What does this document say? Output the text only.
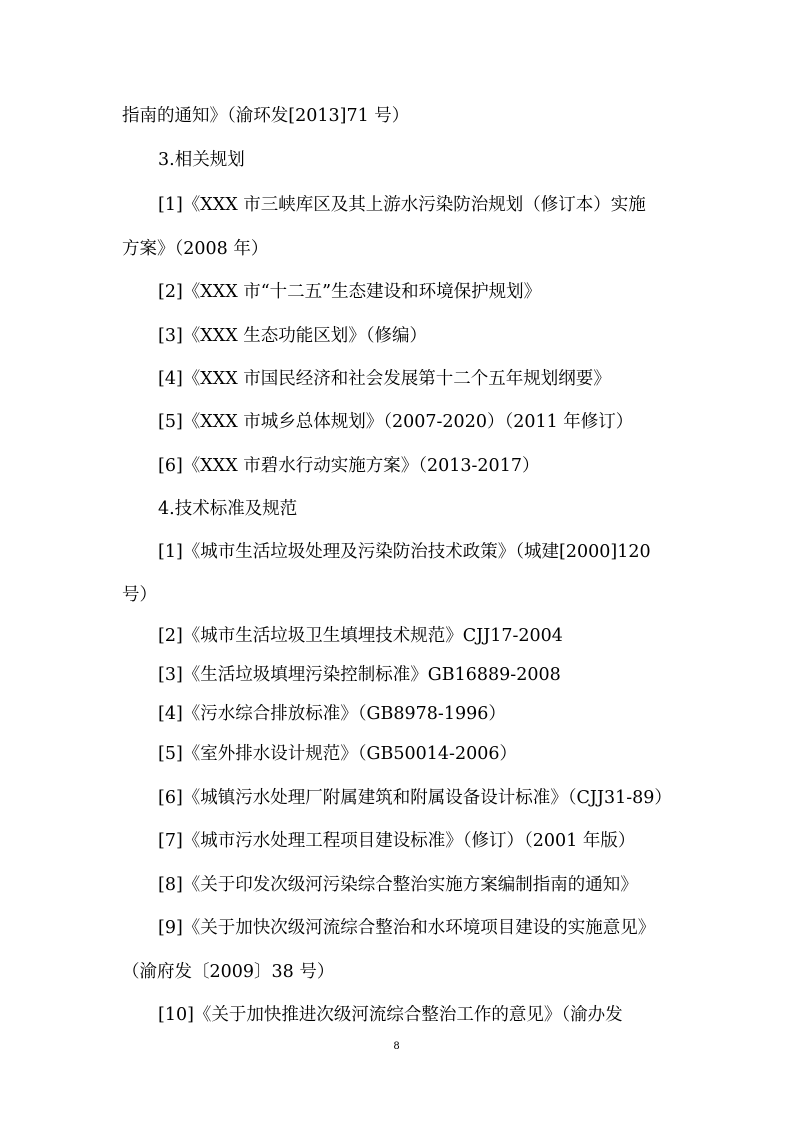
指南的通知》（渝环发[2013]71 号）

3.相关规划

[1]《XXX 市三峡库区及其上游水污染防治规划（修订本）实施

方案》（2008 年）

[2]《XXX 市“十二五”生态建设和环境保护规划》

[3]《XXX 生态功能区划》（修编）

[4]《XXX 市国民经济和社会发展第十二个五年规划纲要》

[5]《XXX 市城乡总体规划》（2007-2020）（2011 年修订）

[6]《XXX 市碧水行动实施方案》（2013-2017）

4.技术标准及规范

[1]《城市生活垃圾处理及污染防治技术政策》（城建[2000]120

号）

[2]《城市生活垃圾卫生填埋技术规范》CJJ17-2004

[3]《生活垃圾填埋污染控制标准》GB16889-2008

[4]《污水综合排放标准》（GB8978-1996）

[5]《室外排水设计规范》（GB50014-2006）

[6]《城镇污水处理厂附属建筑和附属设备设计标准》（CJJ31-89）

[7]《城市污水处理工程项目建设标准》（修订）（2001 年版）

[8]《关于印发次级河污染综合整治实施方案编制指南的通知》

[9]《关于加快次级河流综合整治和水环境项目建设的实施意见》

（渝府发〔2009〕38 号）

[10]《关于加快推进次级河流综合整治工作的意见》（渝办发

8
